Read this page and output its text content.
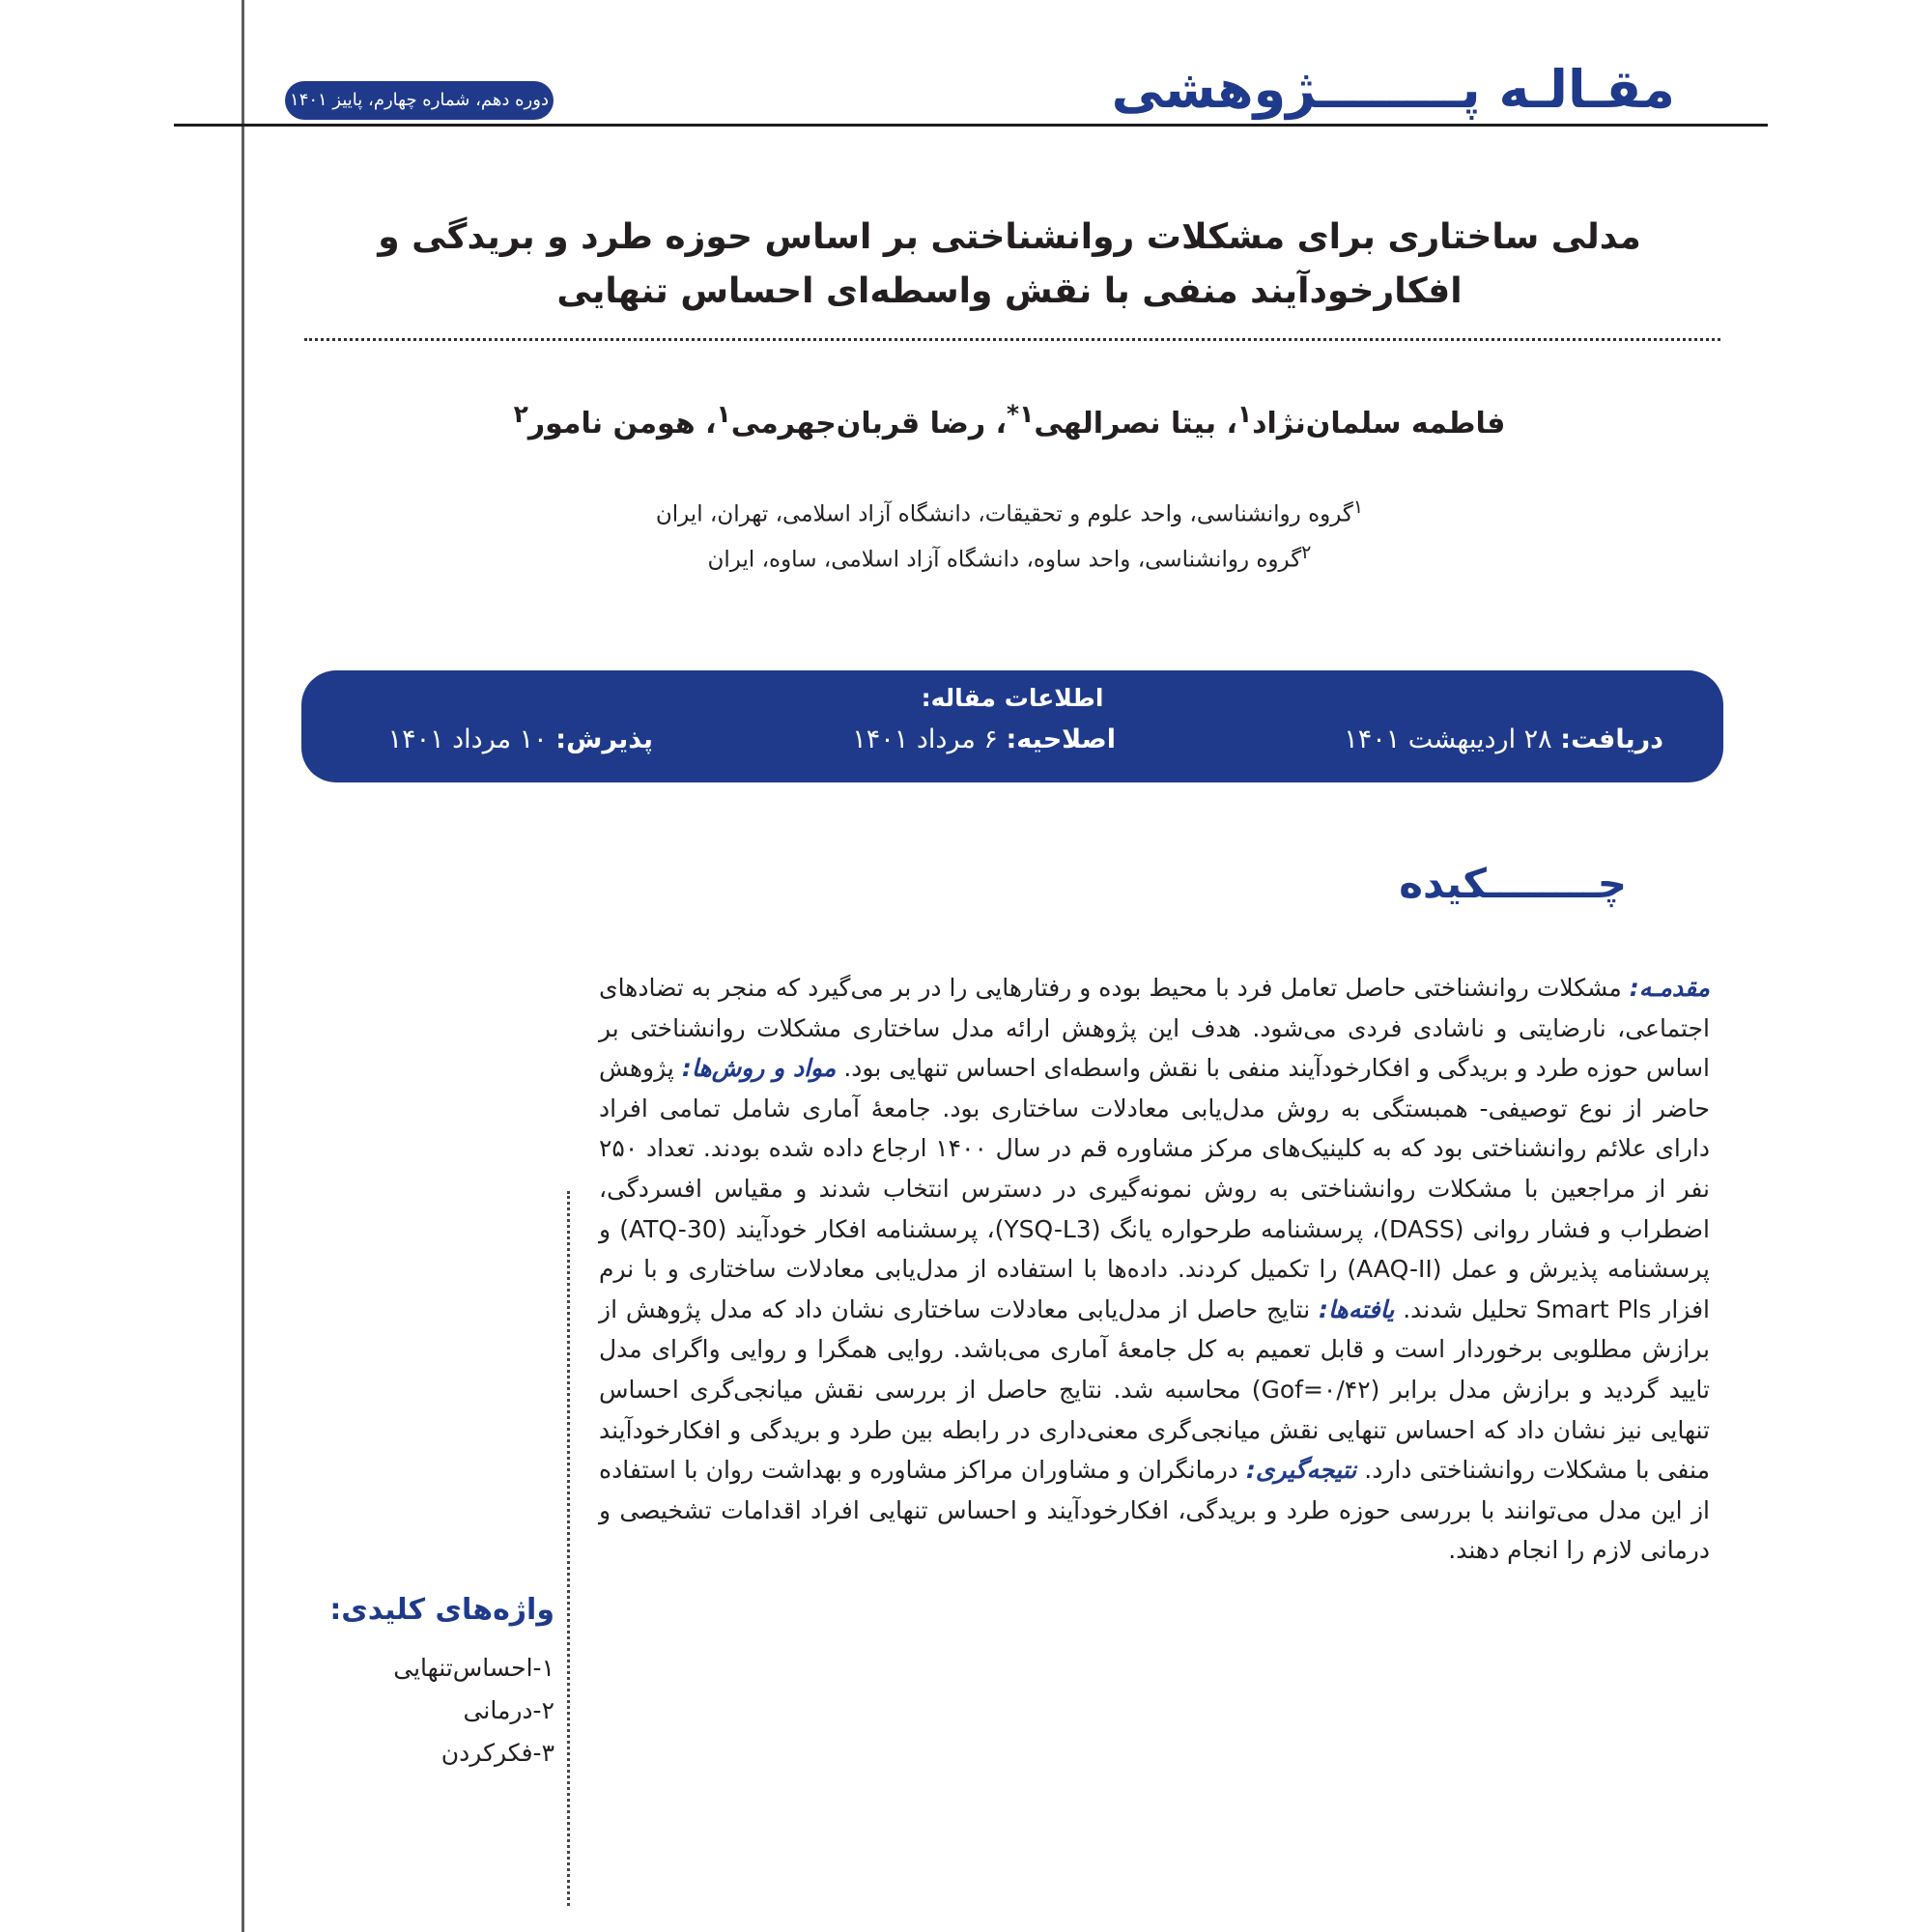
دوره دهم، شماره چهارم، پاییز ۱۴۰۱	مقـالـه پــــــــژوهشی
مدلی ساختاری برای مشکلات روانشناختی بر اساس حوزه طرد و بریدگی و افکارخودآیند منفی با نقش واسطه‌ای احساس تنهایی
فاطمه سلمان‌نژاد$^۱$، بیتا نصرالهی$^{۱*}$، رضا قربان‌جهرمی$^۱$، هومن نامور$^۲$
$^۱$گروه روانشناسی، واحد علوم و تحقیقات، دانشگاه آزاد اسلامی، تهران، ایران
$^۲$گروه روانشناسی، واحد ساوه، دانشگاه آزاد اسلامی، ساوه، ایران
اطلاعات مقاله:
دریافت: ۲۸ اردیبهشت ۱۴۰۱
اصلاحیه: ۶ مرداد ۱۴۰۱
پذیرش: ۱۰ مرداد ۱۴۰۱
چــــــــکیده

مقدمـه: مشکلات روانشناختی حاصل تعامل فرد با محیط بوده و رفتارهایی را در بر می‌گیرد که منجر به تضادهای اجتماعی، نارضایتی و ناشادی فردی می‌شود. هدف این پژوهش ارائه مدل ساختاری مشکلات روانشناختی بر اساس حوزه طرد و بریدگی و افکارخودآیند منفی با نقش واسطه‌ای احساس تنهایی بود. مواد و روش‌ها: پژوهش حاضر از نوع توصیفی- همبستگی به روش مدل‌یابی معادلات ساختاری بود. جامعهٔ آماری شامل تمامی افراد دارای علائم روانشناختی بود که به کلینیک‌های مرکز مشاوره قم در سال ۱۴۰۰ ارجاع داده شده بودند. تعداد ۲۵۰ نفر از مراجعین با مشکلات روانشناختی به روش نمونه‌گیری در دسترس انتخاب شدند و مقیاس افسردگی، اضطراب و فشار روانی (DASS)، پرسشنامه طرحواره یانگ (YSQ-L3)، پرسشنامه افکار خودآیند (ATQ-30) و پرسشنامه پذیرش و عمل (AAQ-II) را تکمیل کردند. داده‌ها با استفاده از مدل‌یابی معادلات ساختاری و با نرم افزار Smart Pls تحلیل شدند. یافته‌ها: نتایج حاصل از مدل‌یابی معادلات ساختاری نشان داد که مدل پژوهش از برازش مطلوبی برخوردار است و قابل تعمیم به کل جامعهٔ آماری می‌باشد. روایی همگرا و روایی واگرای مدل تایید گردید و برازش مدل برابر (Gof=۰/۴۲) محاسبه شد. نتایج حاصل از بررسی نقش میانجی‌گری احساس تنهایی نیز نشان داد که احساس تنهایی نقش میانجی‌گری معنی‌داری در رابطه بین طرد و بریدگی و افکارخودآیند منفی با مشکلات روانشناختی دارد. نتیجه‌گیری: درمانگران و مشاوران مراکز مشاوره و بهداشت روان با استفاده از این مدل می‌توانند با بررسی حوزه طرد و بریدگی، افکارخودآیند و احساس تنهایی افراد اقدامات تشخیصی و درمانی لازم را انجام دهند.

واژه‌های کلیدی:
۱-احساس‌تنهایی
۲-درمانی
۳-فکرکردن
